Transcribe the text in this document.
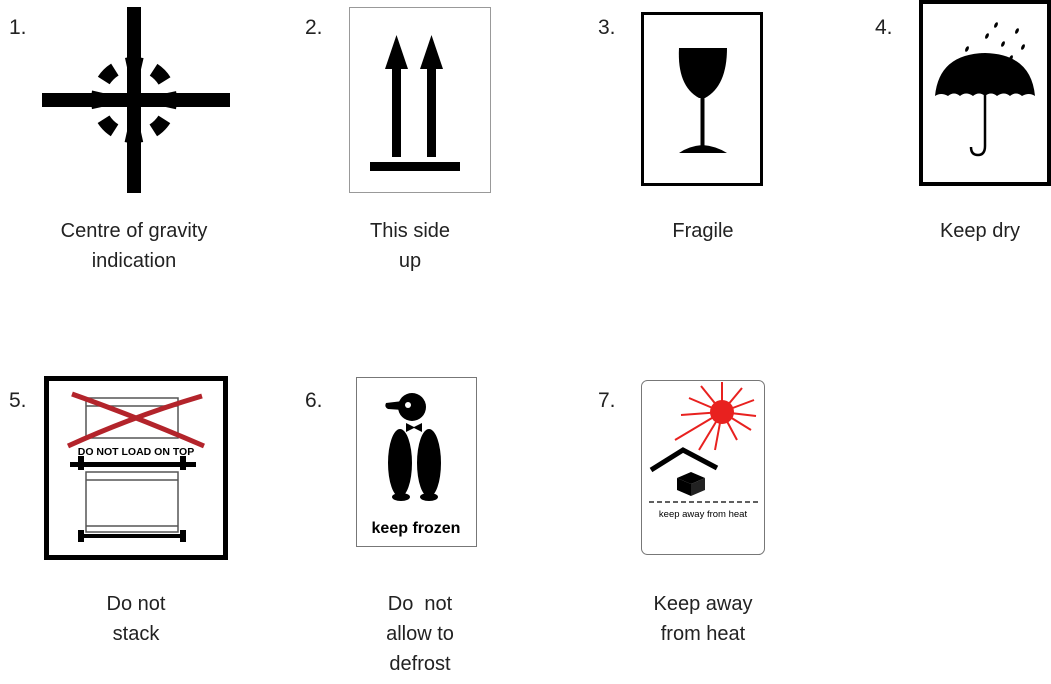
1.
Centre of gravity
indication
2.
This side
up
3.
Fragile
4.
Keep dry
5.
DO NOT LOAD ON TOP
Do not
stack
6.
keep frozen
Do  not
allow to
defrost
7.
keep away from heat
Keep away
from heat
